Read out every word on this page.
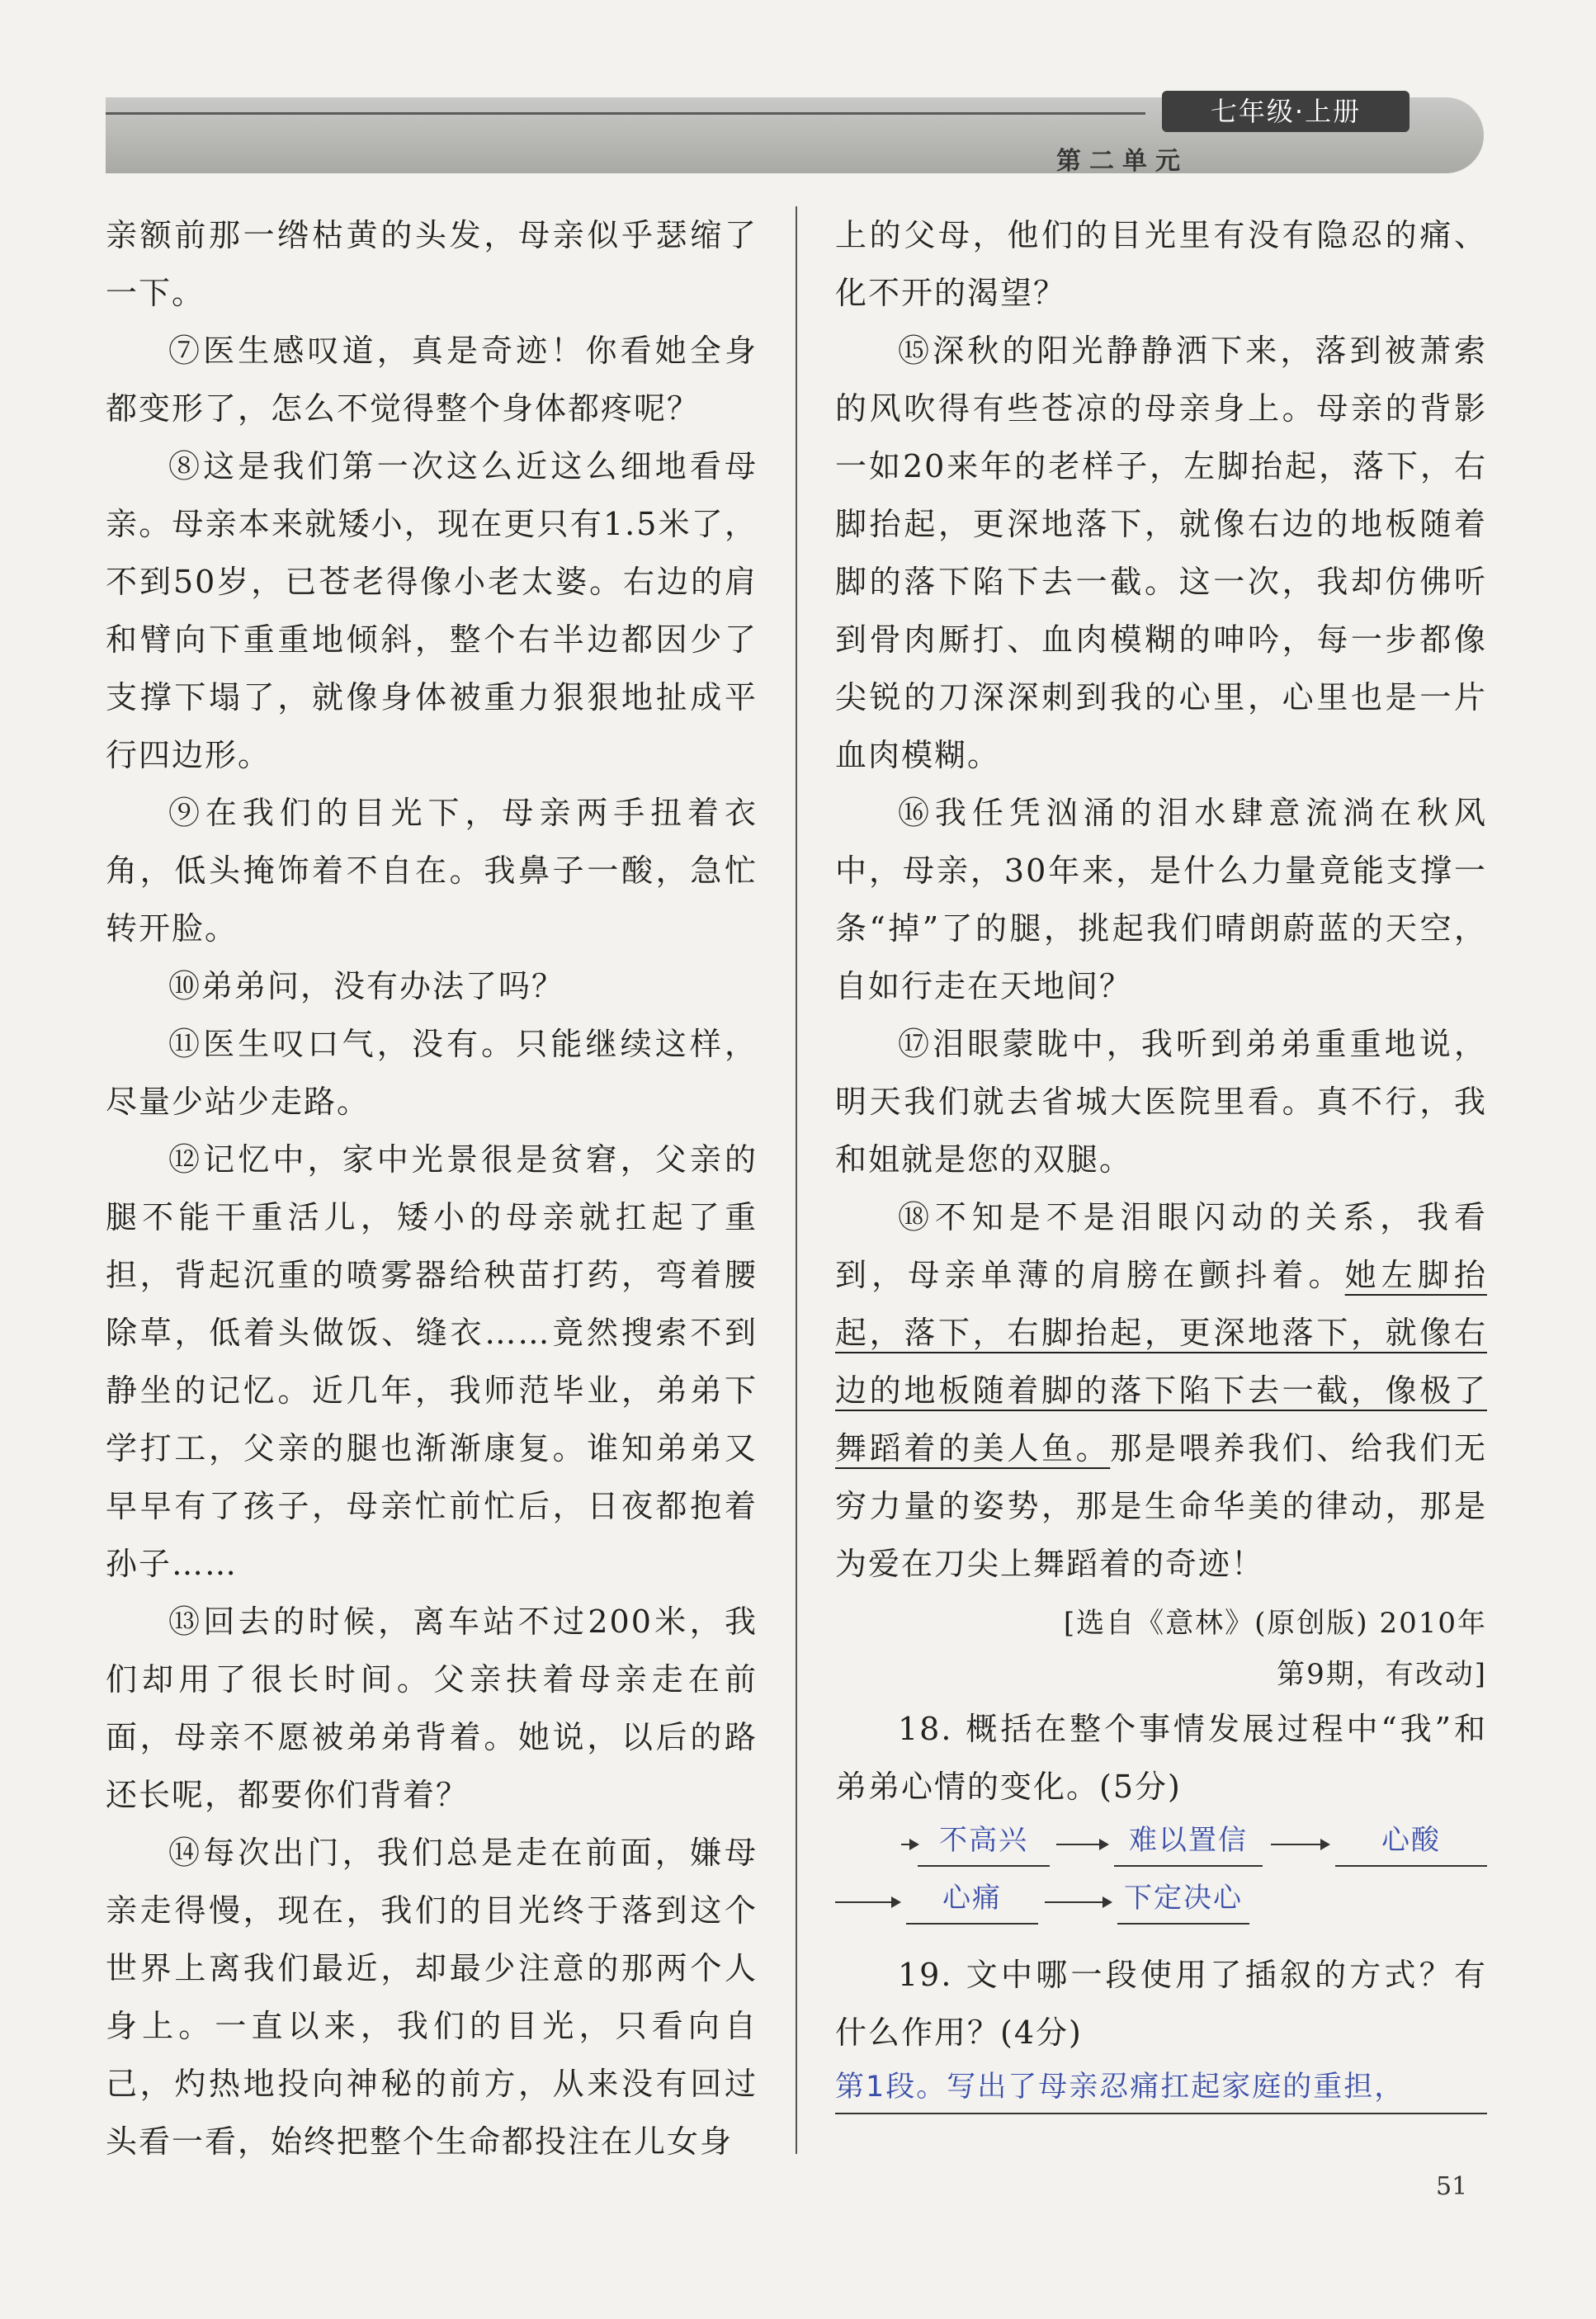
七年级·上册
第二单元

亲额前那一绺枯黄的头发，母亲似乎瑟缩了一下。

⑦医生感叹道，真是奇迹！你看她全身都变形了，怎么不觉得整个身体都疼呢？

⑧这是我们第一次这么近这么细地看母亲。母亲本来就矮小，现在更只有1.5米了，不到50岁，已苍老得像小老太婆。右边的肩和臂向下重重地倾斜，整个右半边都因少了支撑下塌了，就像身体被重力狠狠地扯成平行四边形。

⑨在我们的目光下，母亲两手扭着衣角，低头掩饰着不自在。我鼻子一酸，急忙转开脸。

⑩弟弟问，没有办法了吗？

⑪医生叹口气，没有。只能继续这样，尽量少站少走路。

⑫记忆中，家中光景很是贫窘，父亲的腿不能干重活儿，矮小的母亲就扛起了重担，背起沉重的喷雾器给秧苗打药，弯着腰除草，低着头做饭、缝衣……竟然搜索不到静坐的记忆。近几年，我师范毕业，弟弟下学打工，父亲的腿也渐渐康复。谁知弟弟又早早有了孩子，母亲忙前忙后，日夜都抱着孙子……

⑬回去的时候，离车站不过200米，我们却用了很长时间。父亲扶着母亲走在前面，母亲不愿被弟弟背着。她说，以后的路还长呢，都要你们背着？

⑭每次出门，我们总是走在前面，嫌母亲走得慢，现在，我们的目光终于落到这个世界上离我们最近，却最少注意的那两个人身上。一直以来，我们的目光，只看向自己，灼热地投向神秘的前方，从来没有回过头看一看，始终把整个生命都投注在儿女身

上的父母，他们的目光里有没有隐忍的痛、化不开的渴望？

⑮深秋的阳光静静洒下来，落到被萧索的风吹得有些苍凉的母亲身上。母亲的背影一如20来年的老样子，左脚抬起，落下，右脚抬起，更深地落下，就像右边的地板随着脚的落下陷下去一截。这一次，我却仿佛听到骨肉厮打、血肉模糊的呻吟，每一步都像尖锐的刀深深刺到我的心里，心里也是一片血肉模糊。

⑯我任凭汹涌的泪水肆意流淌在秋风中，母亲，30年来，是什么力量竟能支撑一条“掉”了的腿，挑起我们晴朗蔚蓝的天空，自如行走在天地间？

⑰泪眼蒙眬中，我听到弟弟重重地说，明天我们就去省城大医院里看。真不行，我和姐就是您的双腿。

⑱不知是不是泪眼闪动的关系，我看到，母亲单薄的肩膀在颤抖着。她左脚抬起，落下，右脚抬起，更深地落下，就像右边的地板随着脚的落下陷下去一截，像极了舞蹈着的美人鱼。那是喂养我们、给我们无穷力量的姿势，那是生命华美的律动，那是为爱在刀尖上舞蹈着的奇迹！

[选自《意林》(原创版) 2010年
第9期，有改动]

18. 概括在整个事情发展过程中“我”和弟弟心情的变化。(5分)

不高兴	难以置信	心酸
心痛	下定决心

19. 文中哪一段使用了插叙的方式？有什么作用？(4分)

第1段。写出了母亲忍痛扛起家庭的重担，
51
